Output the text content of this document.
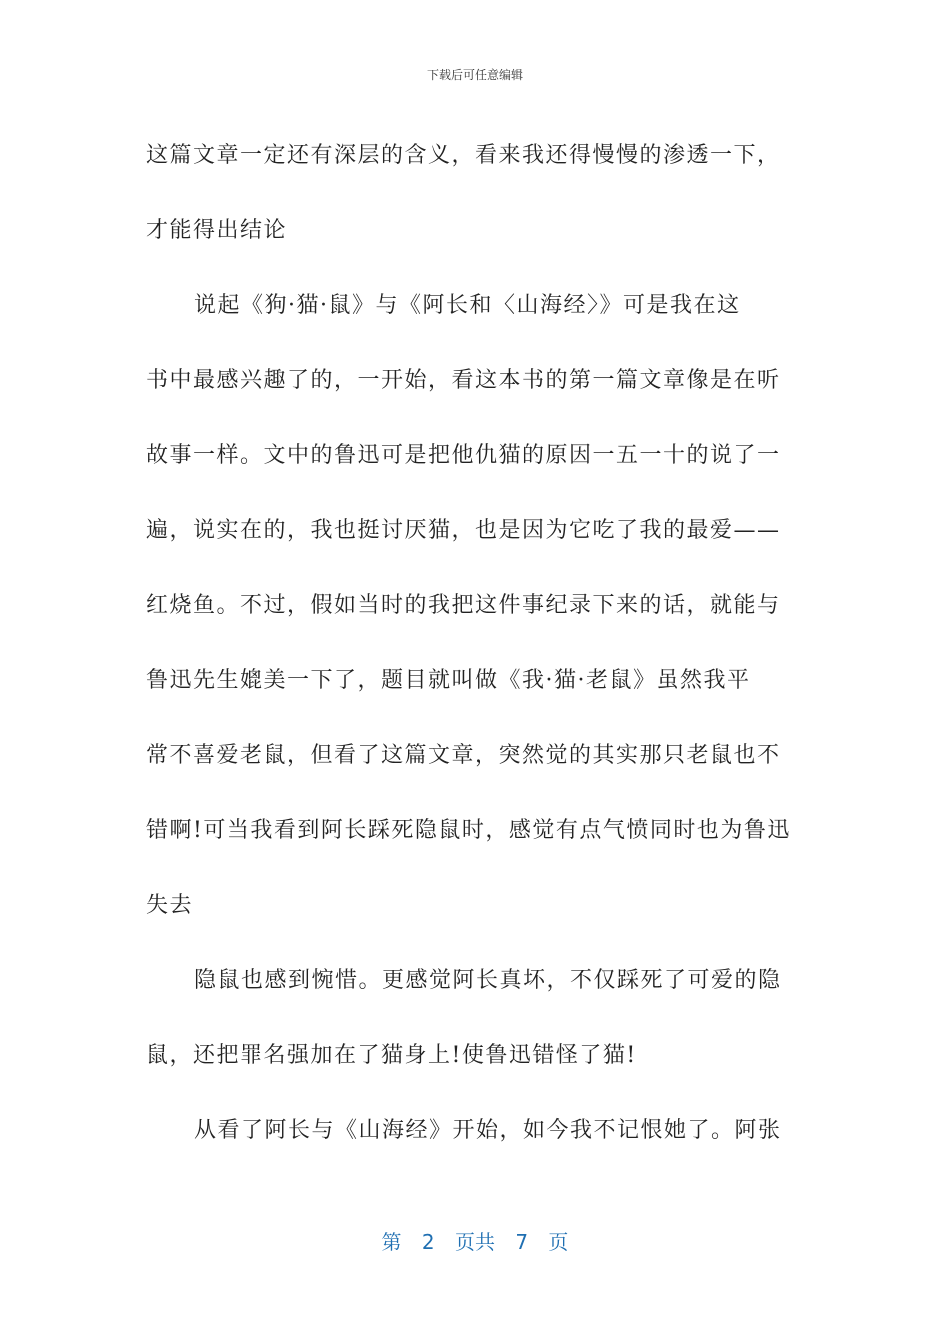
下载后可任意编辑

这篇文章一定还有深层的含义，看来我还得慢慢的渗透一下，
才能得出结论

说起《狗·猫·鼠》与《阿长和〈山海经〉》可是我在这
书中最感兴趣了的，一开始，看这本书的第一篇文章像是在听
故事一样。文中的鲁迅可是把他仇猫的原因一五一十的说了一
遍，说实在的，我也挺讨厌猫，也是因为它吃了我的最爱——
红烧鱼。不过，假如当时的我把这件事纪录下来的话，就能与
鲁迅先生媲美一下了，题目就叫做《我·猫·老鼠》虽然我平
常不喜爱老鼠，但看了这篇文章，突然觉的其实那只老鼠也不
错啊!可当我看到阿长踩死隐鼠时，感觉有点气愤同时也为鲁迅
失去

隐鼠也感到惋惜。更感觉阿长真坏，不仅踩死了可爱的隐
鼠，还把罪名强加在了猫身上!使鲁迅错怪了猫!

从看了阿长与《山海经》开始，如今我不记恨她了。阿张

第 2 页共 7 页
